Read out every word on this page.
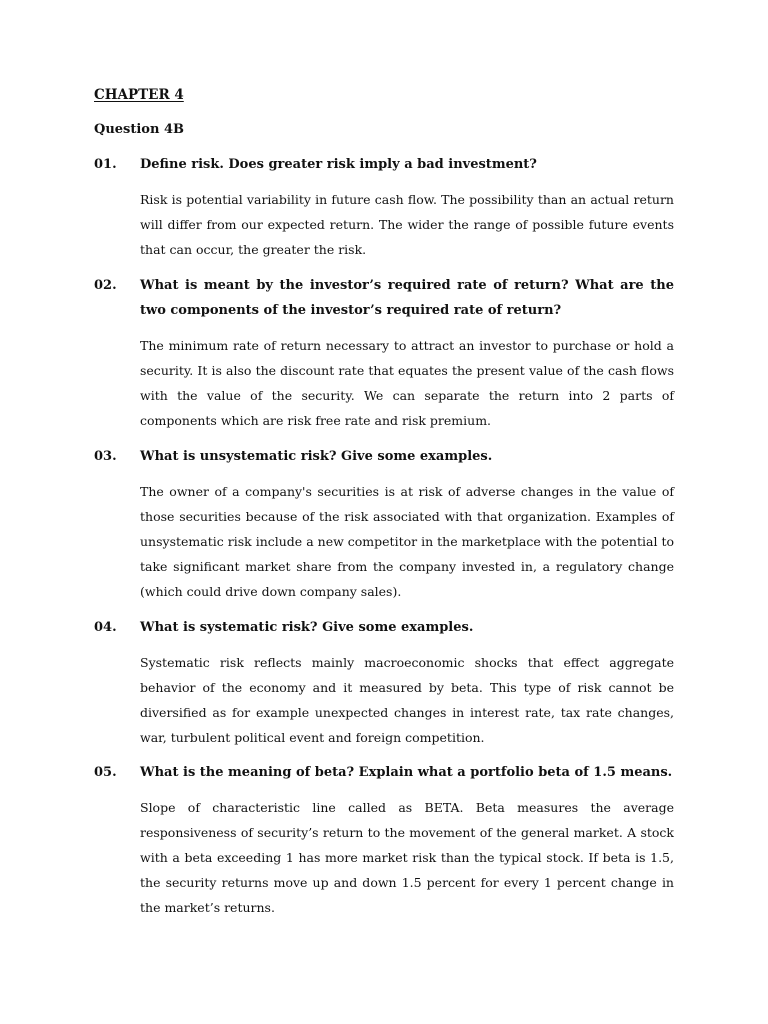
CHAPTER 4
Question 4B
01. Define risk. Does greater risk imply a bad investment?
Risk is potential variability in future cash flow. The possibility than an actual return will differ from our expected return. The wider the range of possible future events that can occur, the greater the risk.
02. What is meant by the investor’s required rate of return? What are the two components of the investor’s required rate of return?
The minimum rate of return necessary to attract an investor to purchase or hold a security. It is also the discount rate that equates the present value of the cash flows with the value of the security. We can separate the return into 2 parts of components which are risk free rate and risk premium.
03. What is unsystematic risk? Give some examples.
The owner of a company's securities is at risk of adverse changes in the value of those securities because of the risk associated with that organization. Examples of unsystematic risk include a new competitor in the marketplace with the potential to take significant market share from the company invested in, a regulatory change (which could drive down company sales).
04. What is systematic risk? Give some examples.
Systematic risk reflects mainly macroeconomic shocks that effect aggregate behavior of the economy and it measured by beta. This type of risk cannot be diversified as for example unexpected changes in interest rate, tax rate changes, war, turbulent political event and foreign competition.
05. What is the meaning of beta? Explain what a portfolio beta of 1.5 means.
Slope of characteristic line called as BETA. Beta measures the average responsiveness of security’s return to the movement of the general market. A stock with a beta exceeding 1 has more market risk than the typical stock. If beta is 1.5, the security returns move up and down 1.5 percent for every 1 percent change in the market’s returns.
